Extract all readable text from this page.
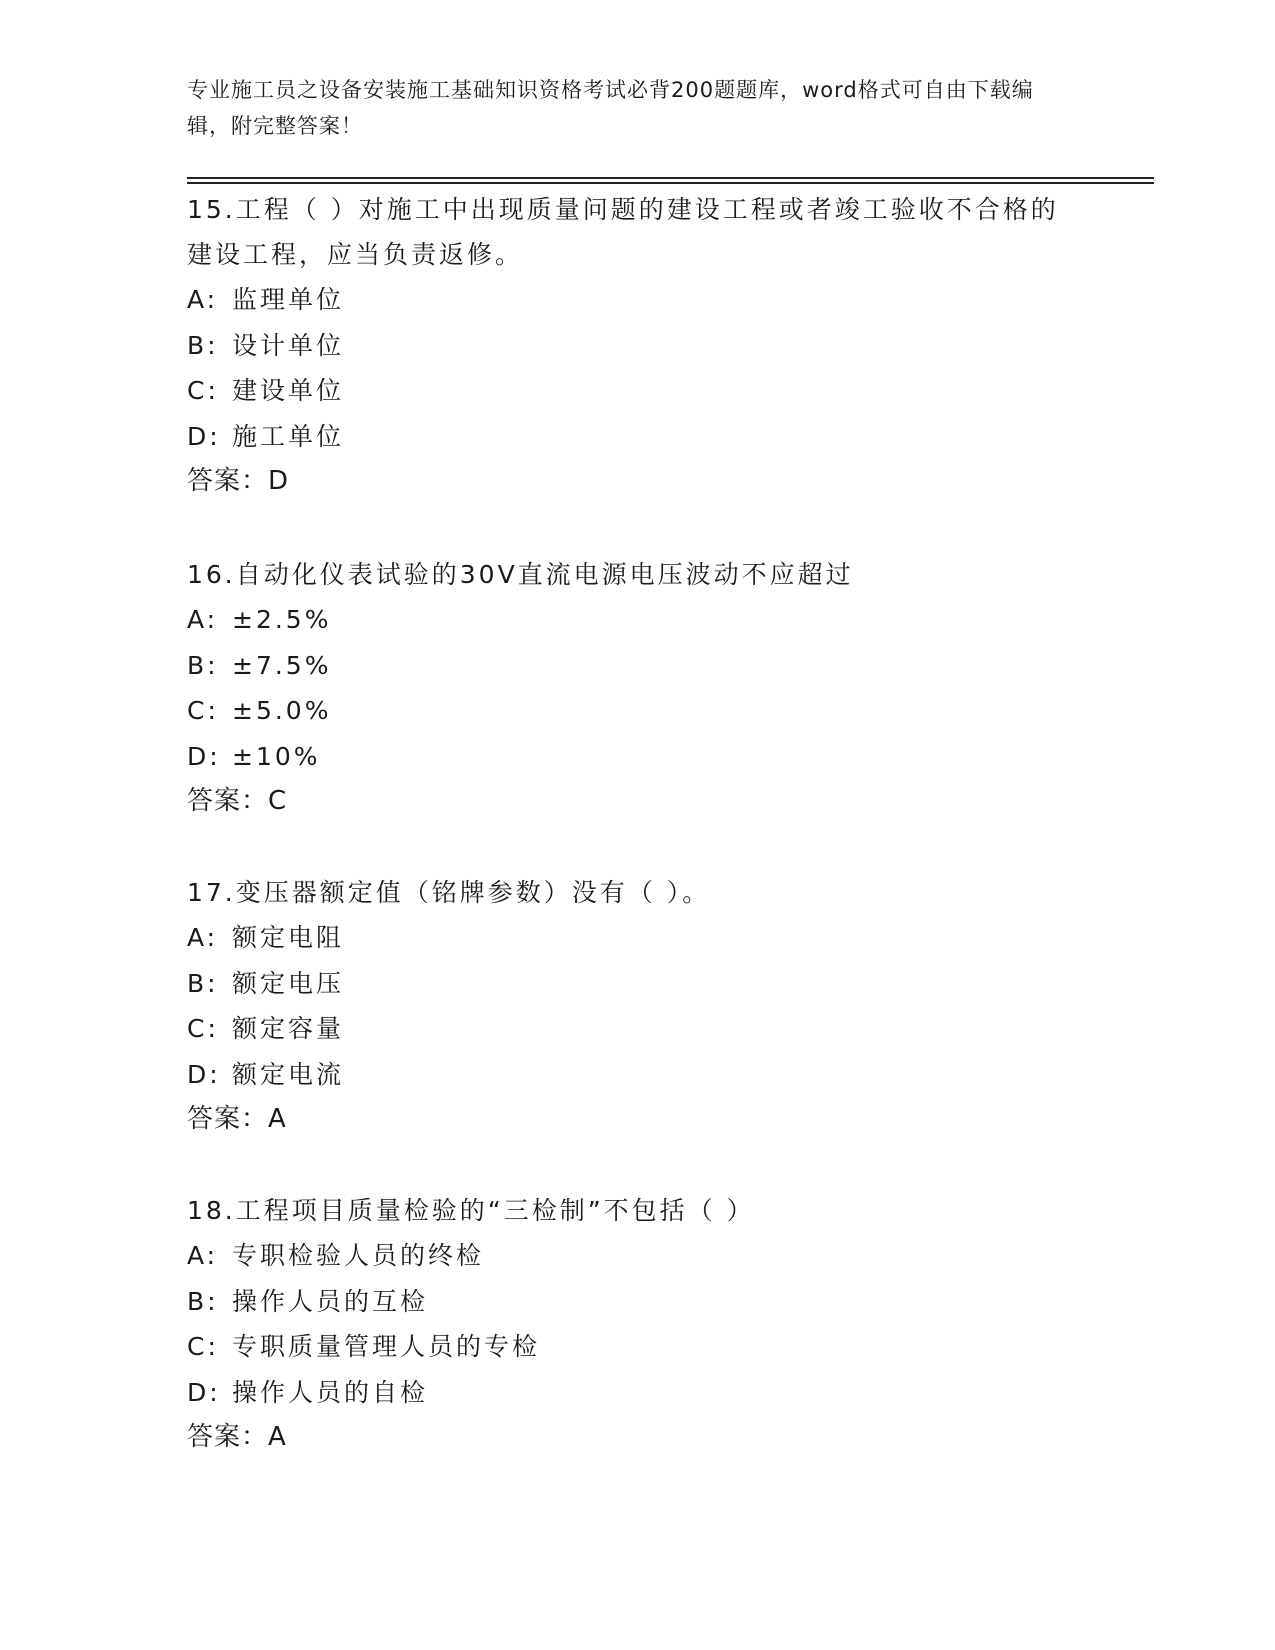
专业施工员之设备安装施工基础知识资格考试必背200题题库，word格式可自由下载编辑，附完整答案！
15.工程（ ）对施工中出现质量问题的建设工程或者竣工验收不合格的建设工程，应当负责返修。
A: 监理单位
B: 设计单位
C: 建设单位
D: 施工单位
答案：D
16.自动化仪表试验的30V直流电源电压波动不应超过
A: ±2.5%
B: ±7.5%
C: ±5.0%
D: ±10%
答案：C
17.变压器额定值（铭牌参数）没有（ ）。
A: 额定电阻
B: 额定电压
C: 额定容量
D: 额定电流
答案：A
18.工程项目质量检验的“三检制”不包括（ ）
A: 专职检验人员的终检
B: 操作人员的互检
C: 专职质量管理人员的专检
D: 操作人员的自检
答案：A
